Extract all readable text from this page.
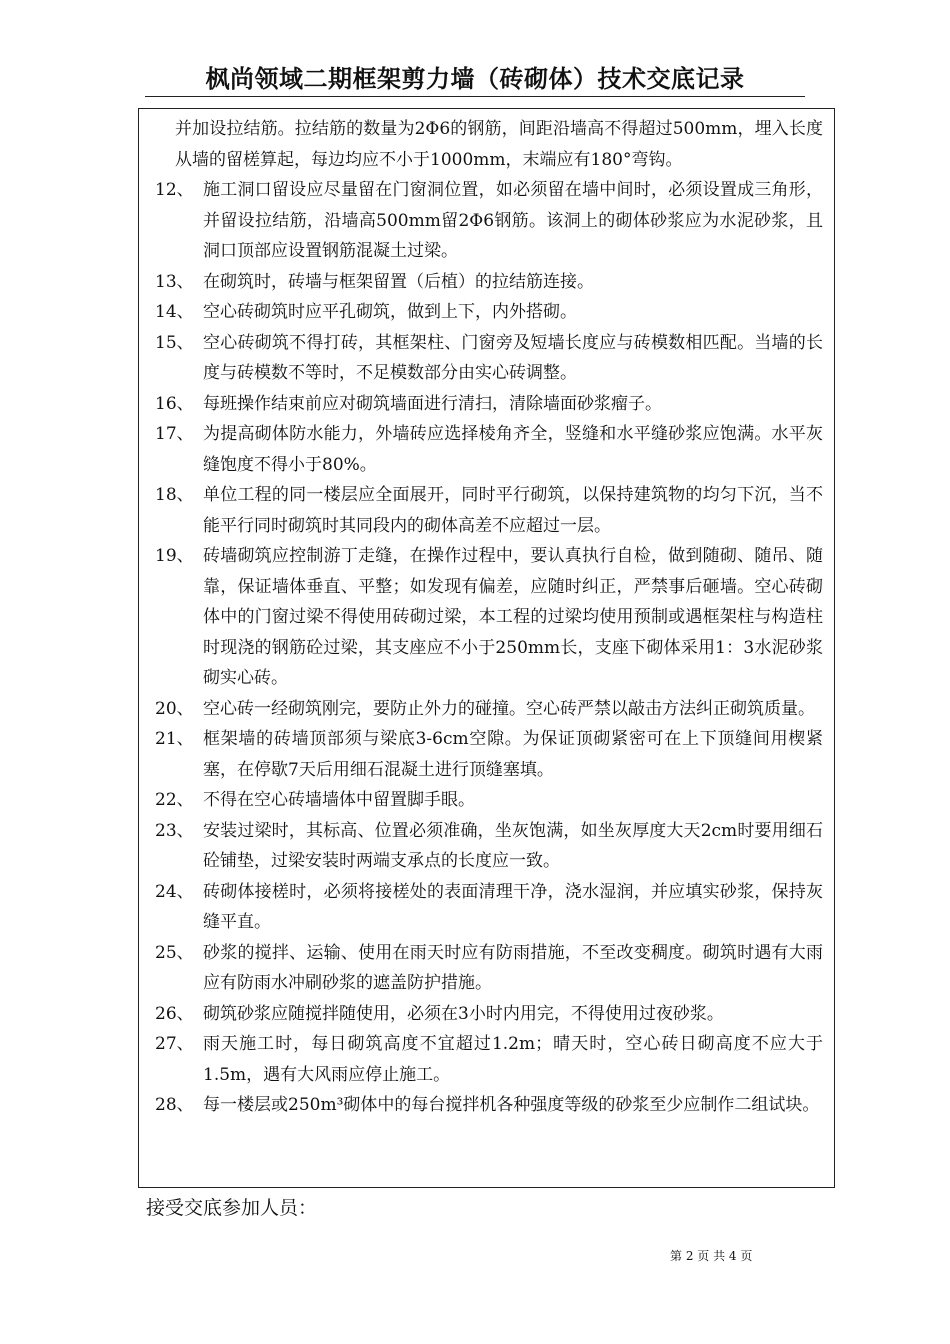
枫尚领域二期框架剪力墙（砖砌体）技术交底记录
并加设拉结筋。拉结筋的数量为2Φ6的钢筋，间距沿墙高不得超过500mm，埋入长度从墙的留槎算起，每边均应不小于1000mm，末端应有180°弯钩。
12、 施工洞口留设应尽量留在门窗洞位置，如必须留在墙中间时，必须设置成三角形，并留设拉结筋，沿墙高500mm留2Φ6钢筋。该洞上的砌体砂浆应为水泥砂浆，且洞口顶部应设置钢筋混凝土过梁。
13、 在砌筑时，砖墙与框架留置（后植）的拉结筋连接。
14、 空心砖砌筑时应平孔砌筑，做到上下，内外搭砌。
15、 空心砖砌筑不得打砖，其框架柱、门窗旁及短墙长度应与砖模数相匹配。当墙的长度与砖模数不等时，不足模数部分由实心砖调整。
16、 每班操作结束前应对砌筑墙面进行清扫，清除墙面砂浆瘤子。
17、 为提高砌体防水能力，外墙砖应选择棱角齐全，竖缝和水平缝砂浆应饱满。水平灰缝饱度不得小于80%。
18、 单位工程的同一楼层应全面展开，同时平行砌筑，以保持建筑物的均匀下沉，当不能平行同时砌筑时其同段内的砌体高差不应超过一层。
19、 砖墙砌筑应控制游丁走缝，在操作过程中，要认真执行自检，做到随砌、随吊、随靠，保证墙体垂直、平整；如发现有偏差，应随时纠正，严禁事后砸墙。空心砖砌体中的门窗过梁不得使用砖砌过梁，本工程的过梁均使用预制或遇框架柱与构造柱时现浇的钢筋砼过梁，其支座应不小于250mm长，支座下砌体采用1：3水泥砂浆砌实心砖。
20、 空心砖一经砌筑刚完，要防止外力的碰撞。空心砖严禁以敲击方法纠正砌筑质量。
21、 框架墙的砖墙顶部须与梁底3-6cm空隙。为保证顶砌紧密可在上下顶缝间用楔紧塞，在停歇7天后用细石混凝土进行顶缝塞填。
22、 不得在空心砖墙墙体中留置脚手眼。
23、 安装过梁时，其标高、位置必须准确，坐灰饱满，如坐灰厚度大天2cm时要用细石砼铺垫，过梁安装时两端支承点的长度应一致。
24、 砖砌体接槎时，必须将接槎处的表面清理干净，浇水湿润，并应填实砂浆，保持灰缝平直。
25、 砂浆的搅拌、运输、使用在雨天时应有防雨措施，不至改变稠度。砌筑时遇有大雨应有防雨水冲刷砂浆的遮盖防护措施。
26、 砌筑砂浆应随搅拌随使用，必须在3小时内用完，不得使用过夜砂浆。
27、 雨天施工时，每日砌筑高度不宜超过1.2m；晴天时，空心砖日砌高度不应大于1.5m，遇有大风雨应停止施工。
28、 每一楼层或250m³砌体中的每台搅拌机各种强度等级的砂浆至少应制作二组试块。
接受交底参加人员：
第 2 页 共 4 页
